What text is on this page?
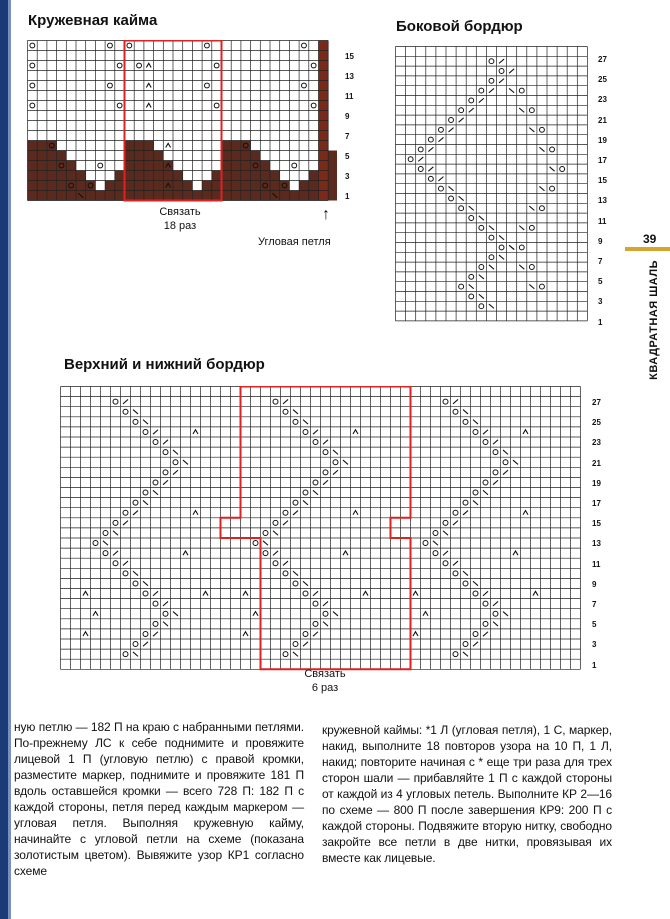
Кружевная кайма
15
13
11
9
7
5
3
1
Связать
18 раз
↑
Угловая петля
Боковой бордюр
27
25
23
21
19
17
15
13
11
9
7
5
3
1
Верхний и нижний бордюр
27
25
23
21
19
17
15
13
11
9
7
5
3
1
Связать
6 раз
39
КВАДРАТНАЯ ШАЛЬ
ную петлю — 182 П на краю с набранными петлями. По-прежнему ЛС к себе поднимите и провяжите лицевой 1 П (угловую петлю) с правой кромки, разместите маркер, поднимите и провяжите 181 П вдоль оставшейся кромки — всего 728 П: 182 П с каждой стороны, петля перед каждым маркером — угловая петля. Выполняя кружевную кайму, начинайте с угловой петли на схеме (показана золотистым цветом). Вывяжите узор КР1 согласно схеме
кружевной каймы: *1 Л (угловая петля), 1 С, маркер, накид, выполните 18 повторов узора на 10 П, 1 Л, накид; повторите начиная с * еще три раза для трех сторон шали — прибавляйте 1 П с каждой стороны от каждой из 4 угловых петель. Выполните КР 2—16 по схеме — 800 П после завершения КР9: 200 П с каждой стороны. Подвяжите вторую нитку, свободно закройте все петли в две нитки, провязывая их вместе как лицевые.
